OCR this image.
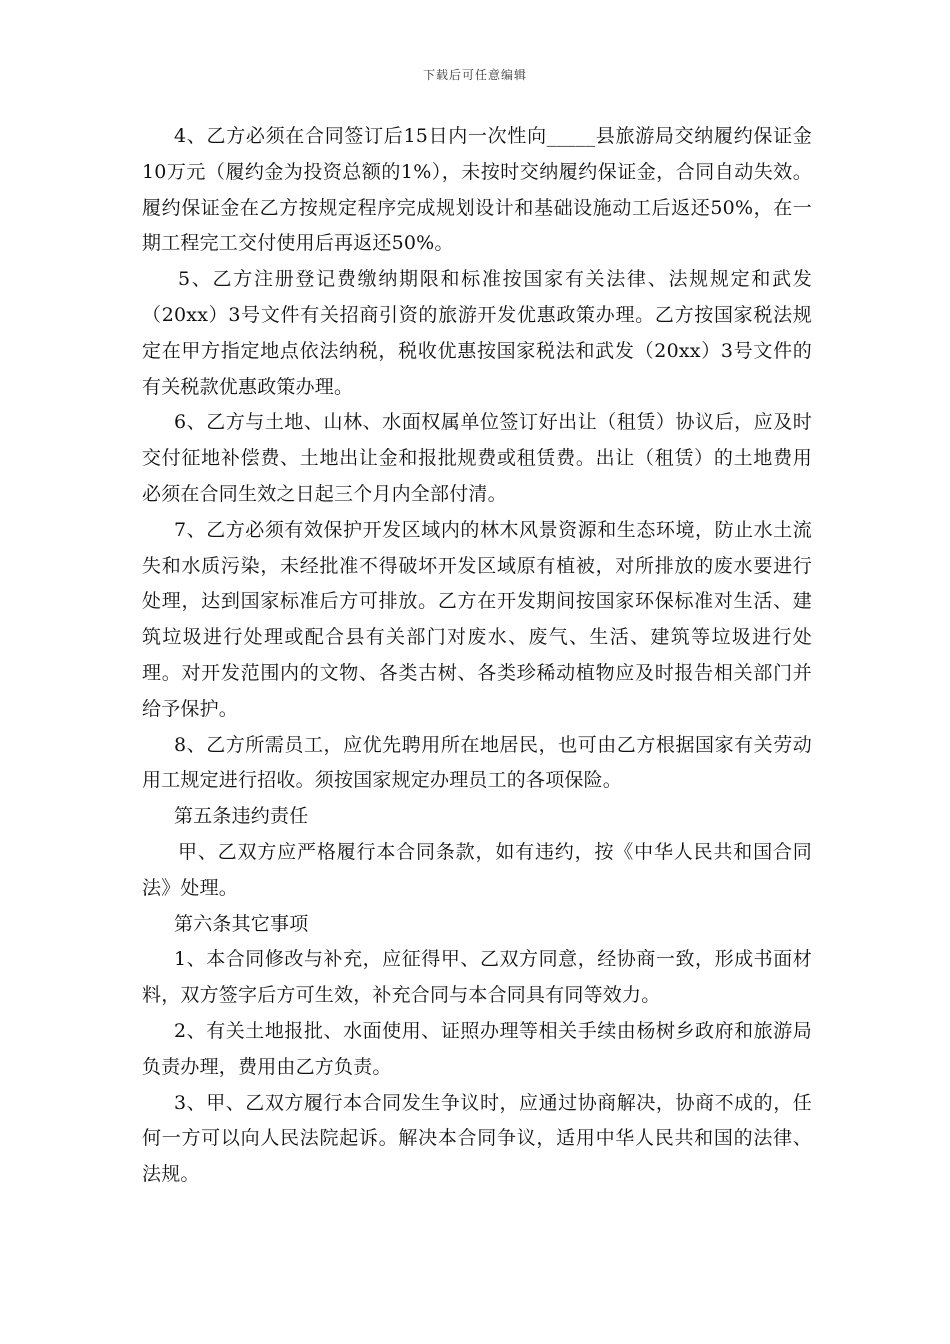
下载后可任意编辑

4、乙方必须在合同签订后15日内一次性向_____县旅游局交纳履约保证金10万元（履约金为投资总额的1%），未按时交纳履约保证金，合同自动失效。履约保证金在乙方按规定程序完成规划设计和基础设施动工后返还50%，在一期工程完工交付使用后再返还50%。

5、乙方注册登记费缴纳期限和标准按国家有关法律、法规规定和武发（20xx）3号文件有关招商引资的旅游开发优惠政策办理。乙方按国家税法规定在甲方指定地点依法纳税，税收优惠按国家税法和武发（20xx）3号文件的有关税款优惠政策办理。

6、乙方与土地、山林、水面权属单位签订好出让（租赁）协议后，应及时交付征地补偿费、土地出让金和报批规费或租赁费。出让（租赁）的土地费用必须在合同生效之日起三个月内全部付清。

7、乙方必须有效保护开发区域内的林木风景资源和生态环境，防止水土流失和水质污染，未经批准不得破坏开发区域原有植被，对所排放的废水要进行处理，达到国家标准后方可排放。乙方在开发期间按国家环保标准对生活、建筑垃圾进行处理或配合县有关部门对废水、废气、生活、建筑等垃圾进行处理。对开发范围内的文物、各类古树、各类珍稀动植物应及时报告相关部门并给予保护。

8、乙方所需员工，应优先聘用所在地居民，也可由乙方根据国家有关劳动用工规定进行招收。须按国家规定办理员工的各项保险。

第五条违约责任

甲、乙双方应严格履行本合同条款，如有违约，按《中华人民共和国合同法》处理。

第六条其它事项

1、本合同修改与补充，应征得甲、乙双方同意，经协商一致，形成书面材料，双方签字后方可生效，补充合同与本合同具有同等效力。

2、有关土地报批、水面使用、证照办理等相关手续由杨树乡政府和旅游局负责办理，费用由乙方负责。

3、甲、乙双方履行本合同发生争议时，应通过协商解决，协商不成的，任何一方可以向人民法院起诉。解决本合同争议，适用中华人民共和国的法律、法规。
